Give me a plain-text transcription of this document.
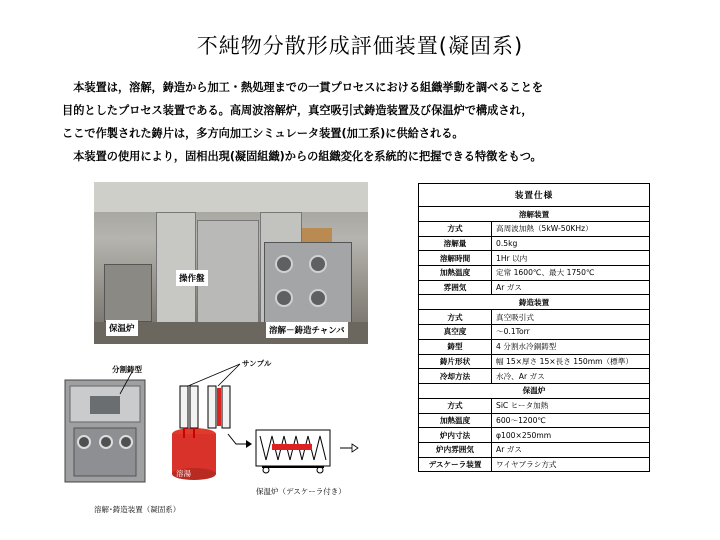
不純物分散形成評価装置(凝固系)

　本装置は，溶解，鋳造から加工・熱処理までの一貫プロセスにおける組織挙動を調べることを

目的としたプロセス装置である。高周波溶解炉，真空吸引式鋳造装置及び保温炉で構成され，

ここで作製された鋳片は，多方向加工シミュレータ装置(加工系)に供給される。

　本装置の使用により，固相出現(凝固組織)からの組織変化を系統的に把握できる特徴をもつ。

操作盤
保温炉	溶解－鋳造チャンバ
分割鋳型
サンプル
溶湯
保温炉（デスケーラ付き）
溶解･鋳造装置（凝固系）
装置仕様	
溶解装置	
方式	高周波加熱（5kW-50KHz）
溶解量	0.5kg
溶解時間	1Hr 以内
加熱温度	定常 1600℃、最大 1750℃
雰囲気	Ar ガス
鋳造装置	
方式	真空吸引式
真空度	～0.1Torr
鋳型	4 分割水冷銅鋳型
鋳片形状	幅 15×厚さ 15×長さ 150mm（標準）
冷却方法	水冷、Ar ガス
保温炉	
方式	SiC ヒータ加熱
加熱温度	600～1200℃
炉内寸法	φ100×250mm
炉内雰囲気	Ar ガス
デスケーラ装置	ワイヤブラシ方式
